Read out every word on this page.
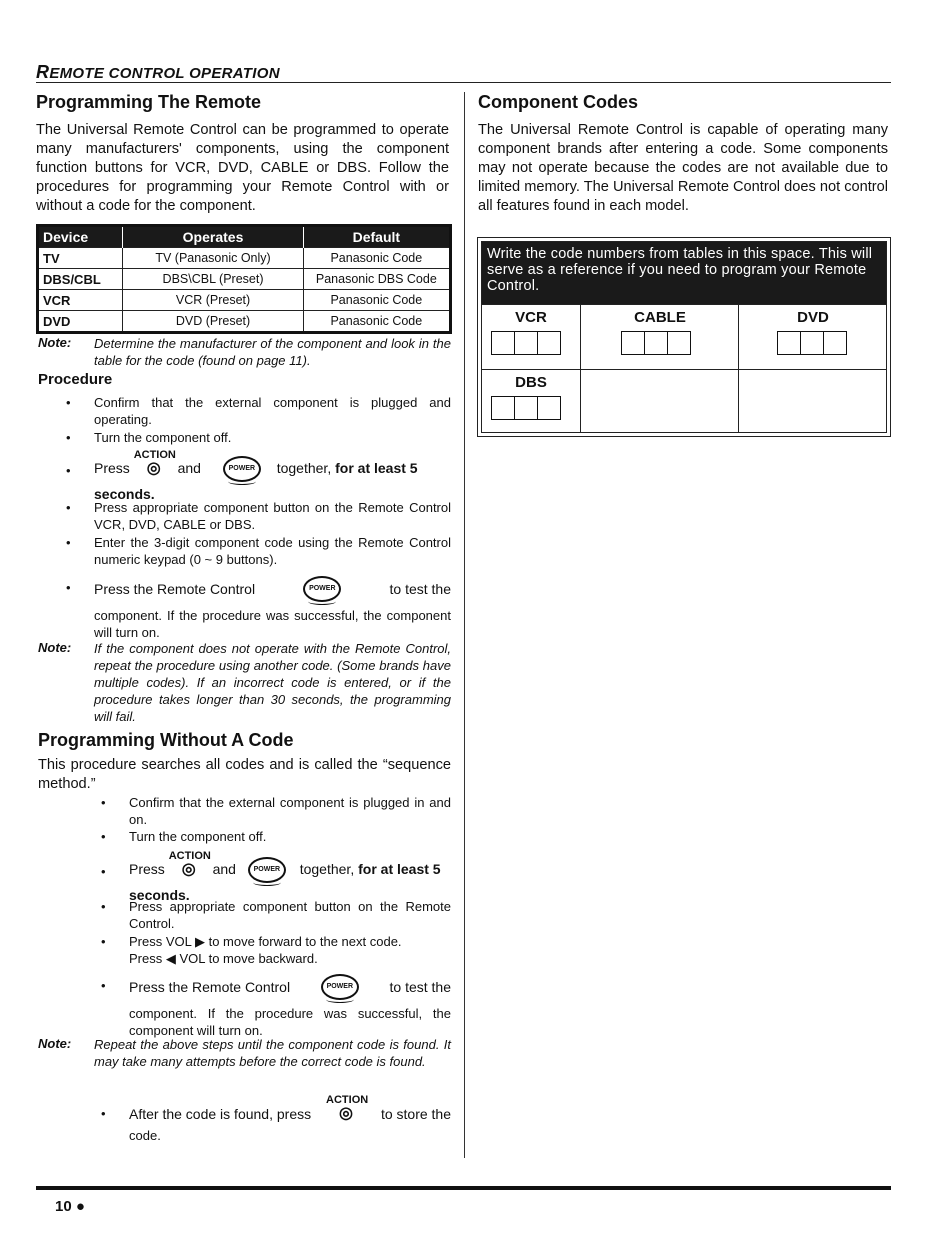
REMOTE CONTROL OPERATION
Programming The Remote

The Universal Remote Control can be programmed to operate many manufacturers' components, using the component function buttons for VCR, DVD, CABLE or DBS. Follow the procedures for programming your Remote Control with or without a code for the component.

Device	Operates	Default
TV	TV (Panasonic Only)	Panasonic Code
DBS/CBL	DBS\CBL (Preset)	Panasonic DBS Code
VCR	VCR (Preset)	Panasonic Code
DVD	DVD (Preset)	Panasonic Code
Note: Determine the manufacturer of the component and look in the table for the code (found on page 11).
Procedure
• Confirm that the external component is plugged and operating.
• Turn the component off.
• Press
ACTION
◎ and	POWER together, for at least 5 seconds.
• Press appropriate component button on the Remote Control VCR, DVD, CABLE or DBS.
• Enter the 3-digit component code using the Remote Control numeric keypad (0 ~ 9 buttons).
• Press the Remote Control	POWER	to test the
component. If the procedure was successful, the component will turn on.
Note: If the component does not operate with the Remote Control, repeat the procedure using another code. (Some brands have multiple codes). If an incorrect code is entered, or if the procedure takes longer than 30 seconds, the programming will fail.
Programming Without A Code

This procedure searches all codes and is called the “sequence method.”

• Confirm that the external component is plugged in and on.
• Turn the component off.
• Press
ACTION
◎ and	POWER together, for at least 5 seconds.
• Press appropriate component button on the Remote Control.
• Press VOL ▶ to move forward to the next code.
Press ◀ VOL to move backward.
• Press the Remote Control	POWER	to test the
component. If the procedure was successful, the component will turn on.
Note: Repeat the above steps until the component code is found. It may take many attempts before the correct code is found.
• After the code is found, press
ACTION
◎	to store the
code.
Component Codes

The Universal Remote Control is capable of operating many component brands after entering a code. Some components may not operate because the codes are not available due to limited memory. The Universal Remote Control does not control all features found in each model.

Write the code numbers from tables in this space. This will serve as a reference if you need to program your Remote Control.
VCR	CABLE	DVD
DBS
10 ●
